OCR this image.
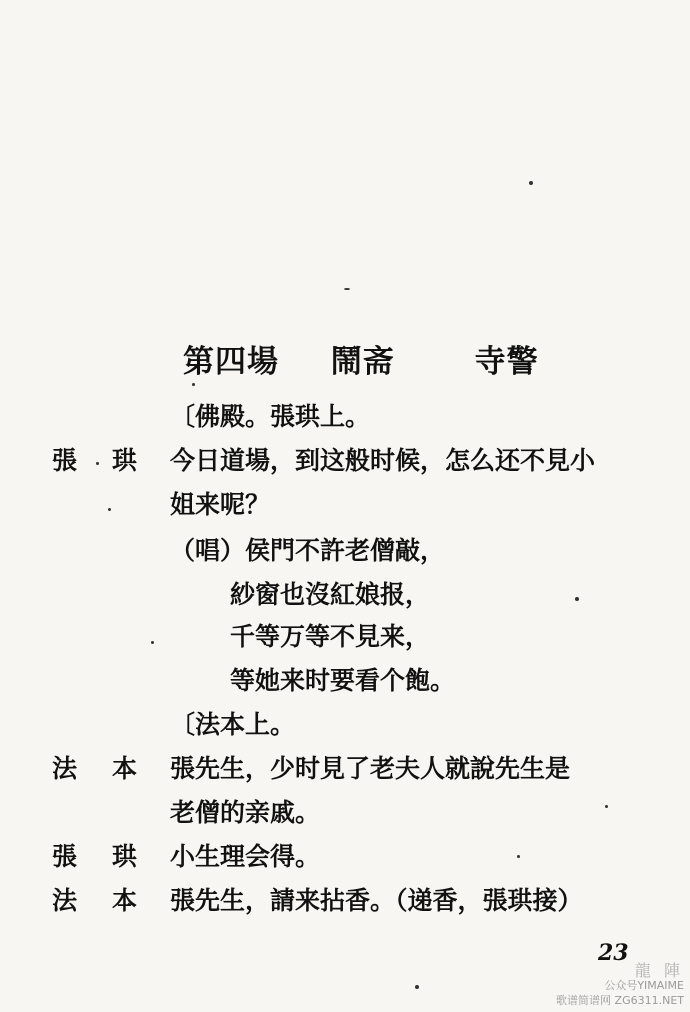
第四場 鬧斋	寺警
〔佛殿。張珙上。
張 珙 今日道場，到这般时候，怎么还不見小
姐来呢？
（唱）侯門不許老僧敲，
紗窗也沒紅娘报，
千等万等不見来，
等她来时要看个飽。
〔法本上。
法 本 張先生，少时見了老夫人就說先生是
老僧的亲戚。
張 珙 小生理会得。
法 本 張先生，請来拈香。（递香，張珙接）
23
龍 陣
公众号YIMAIME
歌谱简谱网 ZG6311.NET
